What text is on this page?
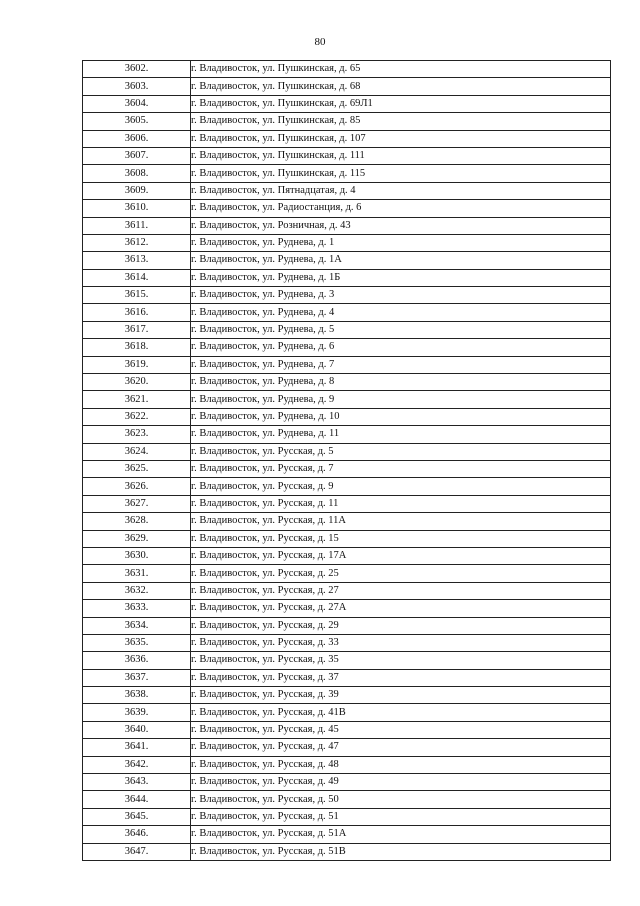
80
3602.	г. Владивосток, ул. Пушкинская, д. 65
3603.	г. Владивосток, ул. Пушкинская, д. 68
3604.	г. Владивосток, ул. Пушкинская, д. 69Л1
3605.	г. Владивосток, ул. Пушкинская, д. 85
3606.	г. Владивосток, ул. Пушкинская, д. 107
3607.	г. Владивосток, ул. Пушкинская, д. 111
3608.	г. Владивосток, ул. Пушкинская, д. 115
3609.	г. Владивосток, ул. Пятнадцатая, д. 4
3610.	г. Владивосток, ул. Радиостанция, д. 6
3611.	г. Владивосток, ул. Розничная, д. 43
3612.	г. Владивосток, ул. Руднева, д. 1
3613.	г. Владивосток, ул. Руднева, д. 1А
3614.	г. Владивосток, ул. Руднева, д. 1Б
3615.	г. Владивосток, ул. Руднева, д. 3
3616.	г. Владивосток, ул. Руднева, д. 4
3617.	г. Владивосток, ул. Руднева, д. 5
3618.	г. Владивосток, ул. Руднева, д. 6
3619.	г. Владивосток, ул. Руднева, д. 7
3620.	г. Владивосток, ул. Руднева, д. 8
3621.	г. Владивосток, ул. Руднева, д. 9
3622.	г. Владивосток, ул. Руднева, д. 10
3623.	г. Владивосток, ул. Руднева, д. 11
3624.	г. Владивосток, ул. Русская, д. 5
3625.	г. Владивосток, ул. Русская, д. 7
3626.	г. Владивосток, ул. Русская, д. 9
3627.	г. Владивосток, ул. Русская, д. 11
3628.	г. Владивосток, ул. Русская, д. 11А
3629.	г. Владивосток, ул. Русская, д. 15
3630.	г. Владивосток, ул. Русская, д. 17А
3631.	г. Владивосток, ул. Русская, д. 25
3632.	г. Владивосток, ул. Русская, д. 27
3633.	г. Владивосток, ул. Русская, д. 27А
3634.	г. Владивосток, ул. Русская, д. 29
3635.	г. Владивосток, ул. Русская, д. 33
3636.	г. Владивосток, ул. Русская, д. 35
3637.	г. Владивосток, ул. Русская, д. 37
3638.	г. Владивосток, ул. Русская, д. 39
3639.	г. Владивосток, ул. Русская, д. 41В
3640.	г. Владивосток, ул. Русская, д. 45
3641.	г. Владивосток, ул. Русская, д. 47
3642.	г. Владивосток, ул. Русская, д. 48
3643.	г. Владивосток, ул. Русская, д. 49
3644.	г. Владивосток, ул. Русская, д. 50
3645.	г. Владивосток, ул. Русская, д. 51
3646.	г. Владивосток, ул. Русская, д. 51А
3647.	г. Владивосток, ул. Русская, д. 51В
